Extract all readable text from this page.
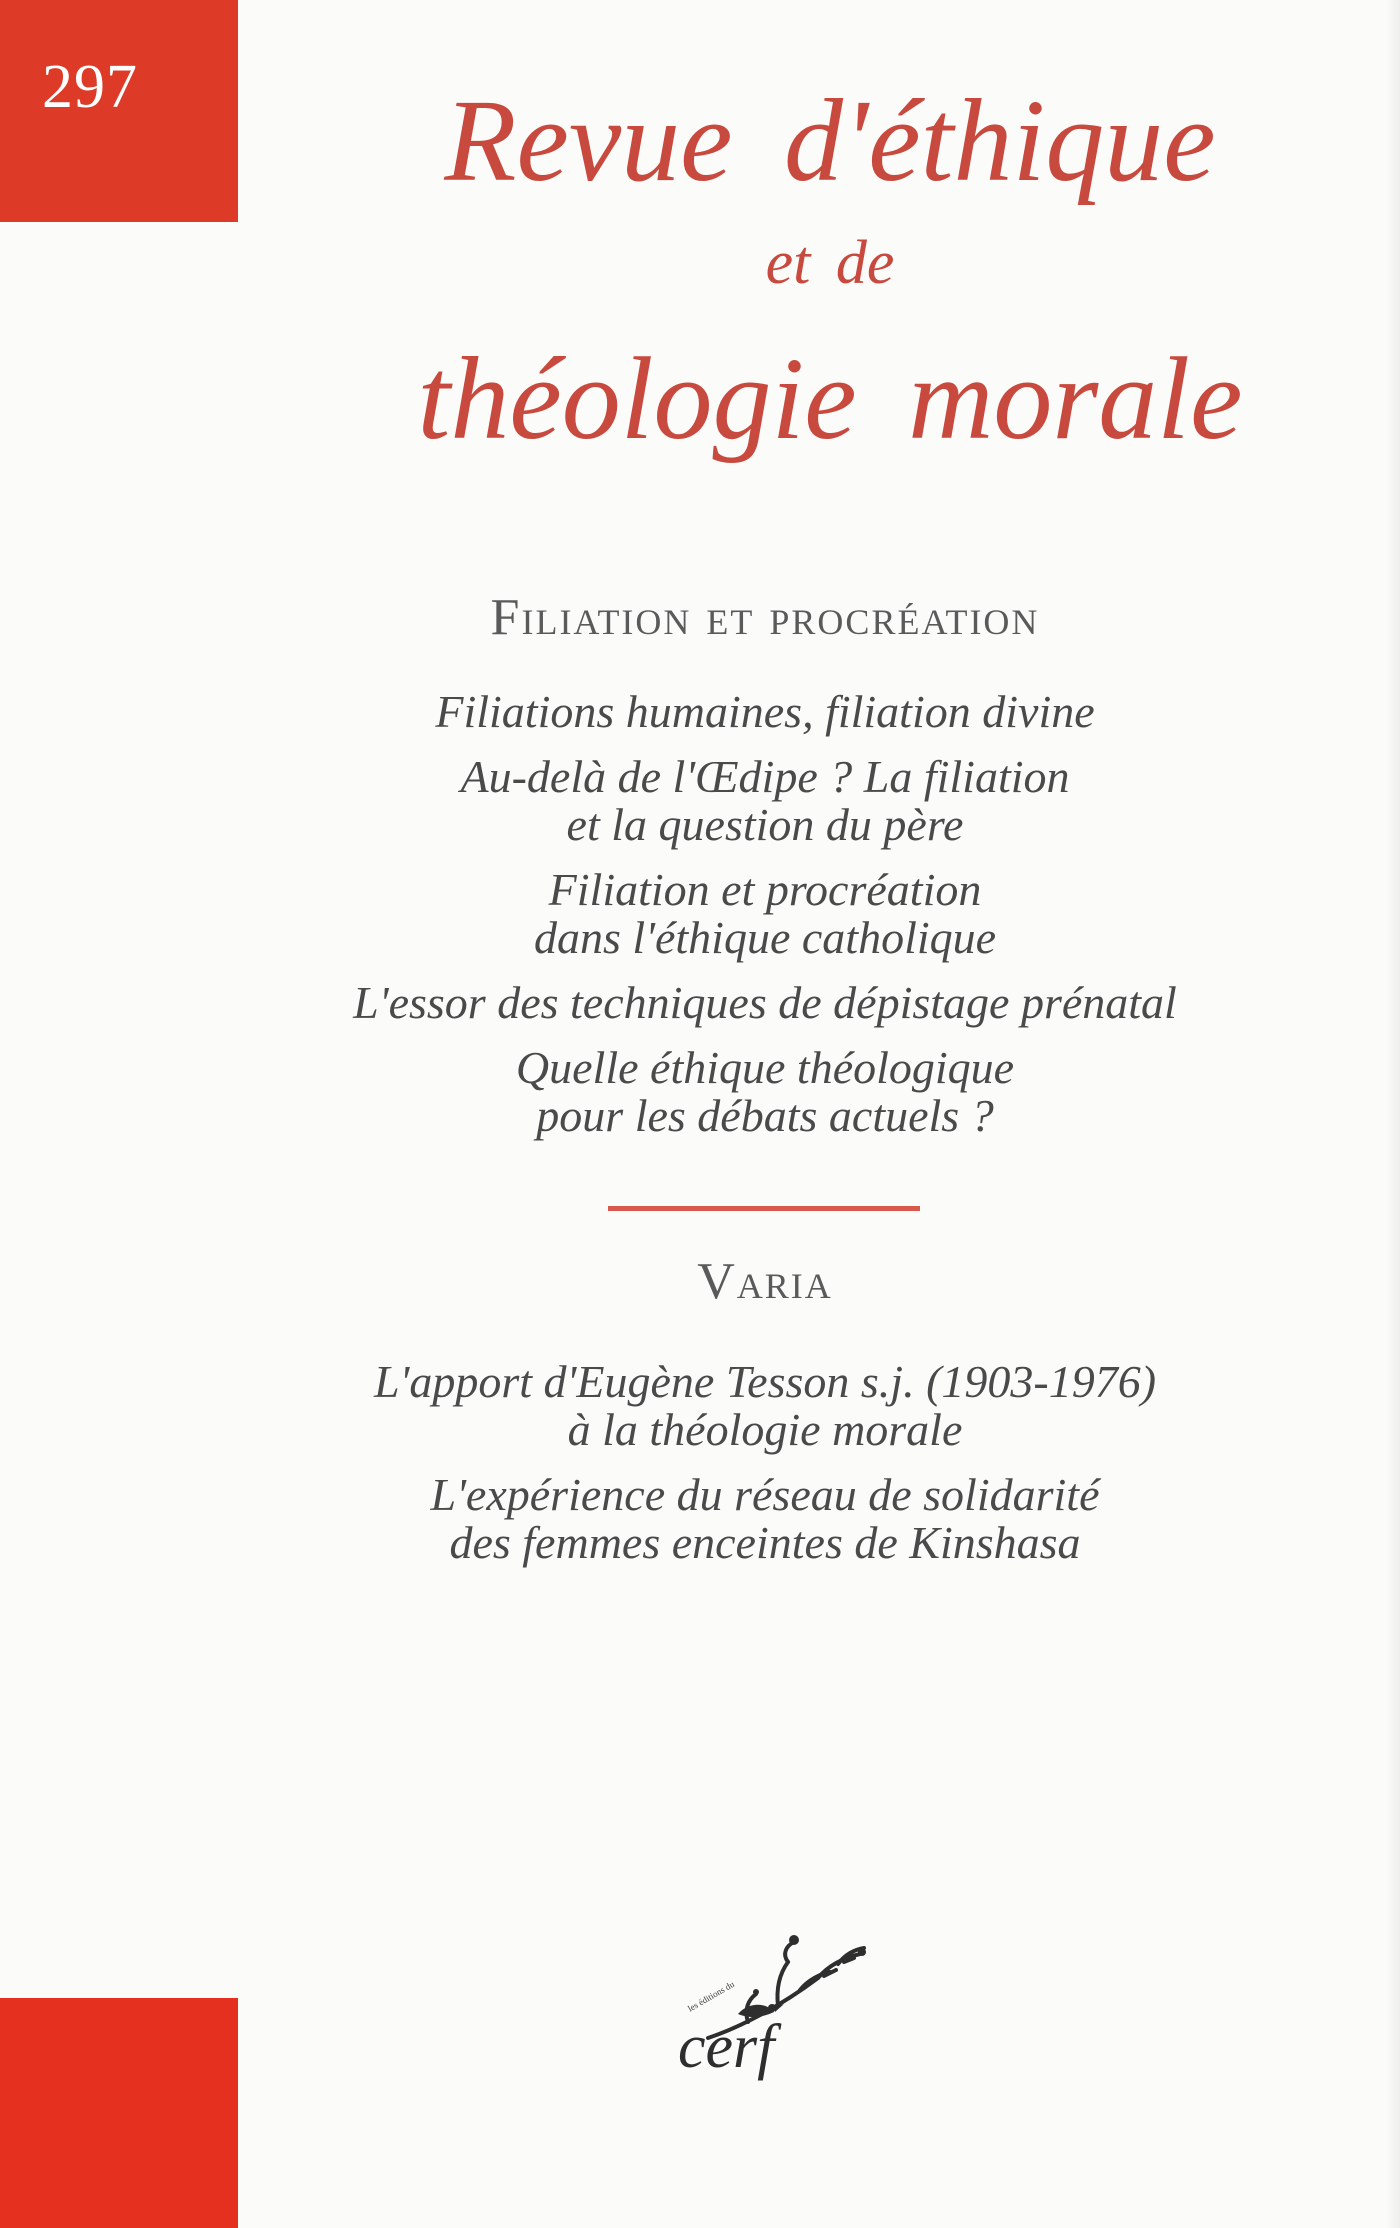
297	Revue d'éthique
et de
théologie morale
Filiation et procréation
Filiations humaines, filiation divine
Au-delà de l'Œdipe ? La filiation
et la question du père
Filiation et procréation
dans l'éthique catholique
L'essor des techniques de dépistage prénatal
Quelle éthique théologique
pour les débats actuels ?
Varia
L'apport d'Eugène Tesson s.j. (1903-1976)
à la théologie morale
L'expérience du réseau de solidarité
des femmes enceintes de Kinshasa
les éditions du
cerf
